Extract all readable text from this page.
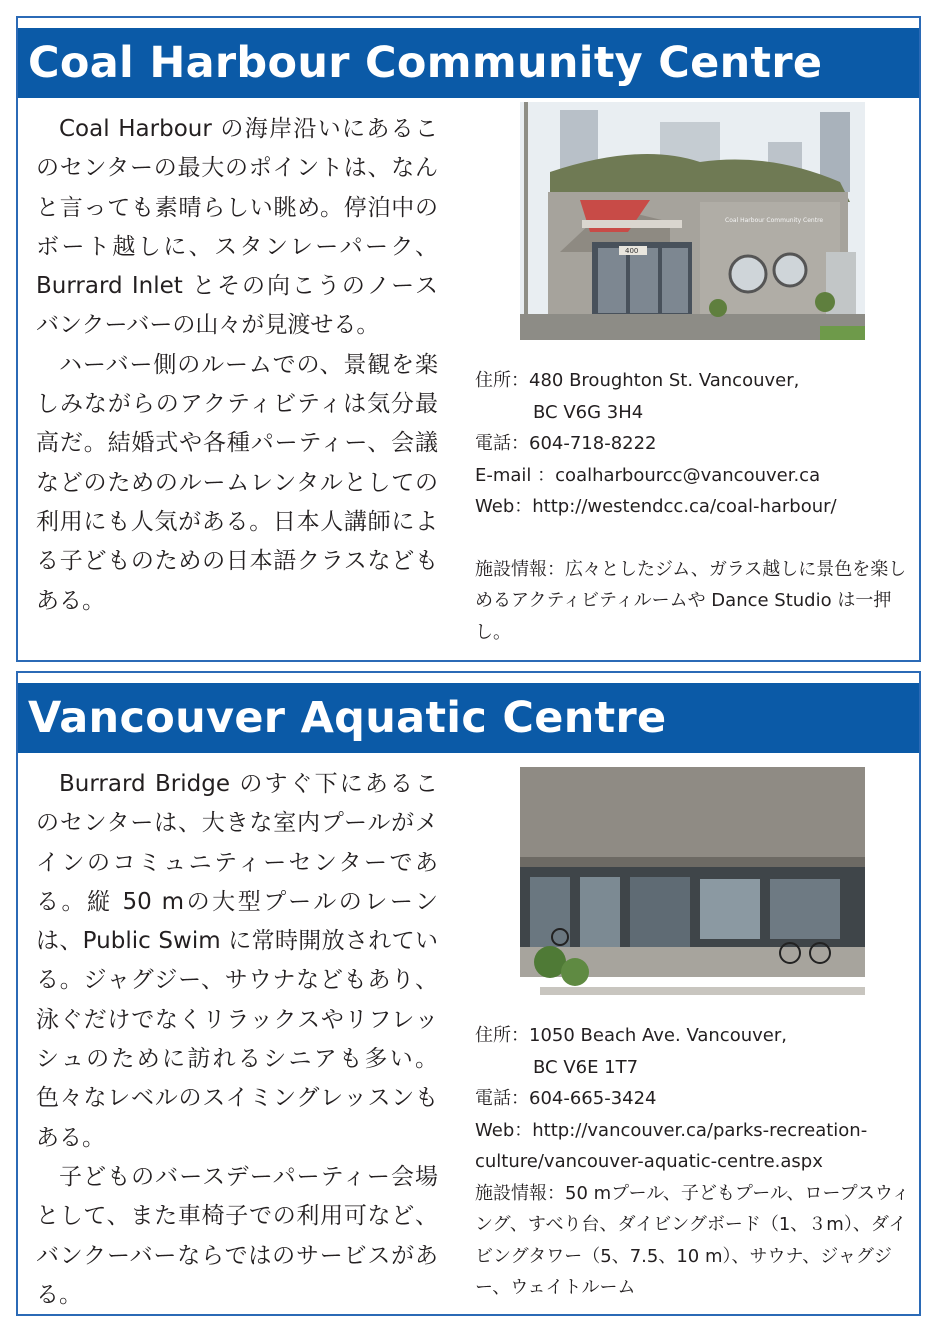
Coal Harbour Community Centre

Coal Harbour の海岸沿いにあるこのセンターの最大のポイントは、なんと言っても素晴らしい眺め。停泊中のボート越しに、スタンレーパーク、Burrard Inlet とその向こうのノースバンクーバーの山々が見渡せる。

ハーバー側のルームでの、景観を楽しみながらのアクティビティは気分最高だ。結婚式や各種パーティー、会議などのためのルームレンタルとしての利用にも人気がある。日本人講師による子どものための日本語クラスなどもある。

400
Coal Harbour Community Centre
住所：480 Broughton St. Vancouver,
BC V6G 3H4
電話：604-718-8222
E-mail ：coalharbourcc@vancouver.ca
Web：http://westendcc.ca/coal-harbour/
施設情報：広々としたジム、ガラス越しに景色を楽しめるアクティビティルームや Dance Studio は一押し。
Vancouver Aquatic Centre

Burrard Bridge のすぐ下にあるこのセンターは、大きな室内プールがメインのコミュニティーセンターである。縦 50 mの大型プールのレーンは、Public Swim に常時開放されている。ジャグジー、サウナなどもあり、泳ぐだけでなくリラックスやリフレッシュのために訪れるシニアも多い。色々なレベルのスイミングレッスンもある。

子どものバースデーパーティー会場として、また車椅子での利用可など、バンクーバーならではのサービスがある。

住所：1050 Beach Ave. Vancouver,
BC V6E 1T7
電話：604-665-3424
Web：http://vancouver.ca/parks-recreation-
culture/vancouver-aquatic-centre.aspx
施設情報：50 mプール、子どもプール、ロープスウィング、すべり台、ダイビングボード（1、３m）、ダイビングタワー（5、7.5、10 m）、サウナ、ジャグジー、ウェイトルーム
